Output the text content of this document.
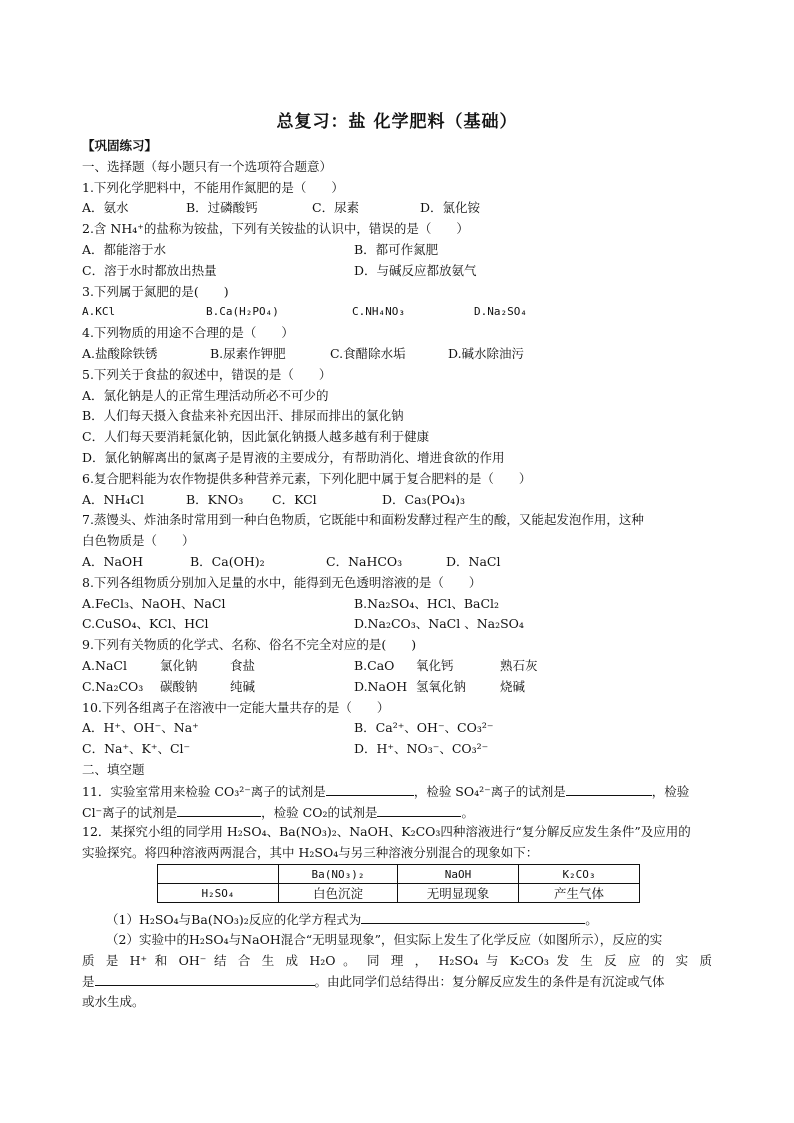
总复习：盐 化学肥料（基础）
【巩固练习】
一、选择题（每小题只有一个选项符合题意）
1.下列化学肥料中，不能用作氮肥的是（　　）
A．氨水	B．过磷酸钙	C．尿素	D．氯化铵
2.含 NH₄⁺的盐称为铵盐，下列有关铵盐的认识中，错误的是（　　）
A．都能溶于水	B．都可作氮肥
C．溶于水时都放出热量	D．与碱反应都放氨气
3.下列属于氮肥的是(　　)
A.KCl	B.Ca(H₂PO₄)	C.NH₄NO₃	D.Na₂SO₄
4.下列物质的用途不合理的是（　　）
A.盐酸除铁锈	B.尿素作钾肥	C.食醋除水垢	D.碱水除油污
5.下列关于食盐的叙述中，错误的是（　　）
A．氯化钠是人的正常生理活动所必不可少的
B．人们每天摄入食盐来补充因出汗、排尿而排出的氯化钠
C．人们每天要消耗氯化钠，因此氯化钠摄人越多越有利于健康
D．氯化钠解离出的氯离子是胃液的主要成分，有帮助消化、增进食欲的作用
6.复合肥料能为农作物提供多种营养元素，下列化肥中属于复合肥料的是（　　）
A．NH₄Cl	B．KNO₃	C．KCl	D．Ca₃(PO₄)₃
7.蒸馒头、炸油条时常用到一种白色物质，它既能中和面粉发酵过程产生的酸，又能起发泡作用，这种
白色物质是（　　）
A．NaOH	B．Ca(OH)₂	C．NaHCO₃	D．NaCl
8.下列各组物质分别加入足量的水中，能得到无色透明溶液的是（　　）
A.FeCl₃、NaOH、NaCl	B.Na₂SO₄、HCl、BaCl₂
C.CuSO₄、KCl、HCl	D.Na₂CO₃、NaCl 、Na₂SO₄
9.下列有关物质的化学式、名称、俗名不完全对应的是(　　)
A.NaCl	氯化钠	食盐	B.CaO	氧化钙	熟石灰
C.Na₂CO₃	碳酸钠	纯碱	D.NaOH 氢氧化钠	烧碱
10.下列各组离子在溶液中一定能大量共存的是（　　）
A．H⁺、OH⁻、Na⁺	B．Ca²⁺、OH⁻、CO₃²⁻
C．Na⁺、K⁺、Cl⁻	D．H⁺、NO₃⁻、CO₃²⁻
二、填空题
11．实验室常用来检验 CO₃²⁻离子的试剂是	，检验 SO₄²⁻离子的试剂是	，检验
Cl⁻离子的试剂是	，检验 CO₂的试剂是	。
12．某探究小组的同学用 H₂SO₄、Ba(NO₃)₂、NaOH、K₂CO₃四种溶液进行“复分解反应发生条件”及应用的
实验探究。将四种溶液两两混合，其中 H₂SO₄与另三种溶液分别混合的现象如下：
	Ba(NO₃)₂	NaOH	K₂CO₃
H₂SO₄	白色沉淀	无明显现象	产生气体
（1）H₂SO₄与Ba(NO₃)₂反应的化学方程式为	。
（2）实验中的H₂SO₄与NaOH混合“无明显现象”，但实际上发生了化学反应（如图所示），反应的实
质 是 H⁺ 和 OH⁻ 结 合 生 成 H₂O 。 同 理 ， H₂SO₄ 与 K₂CO₃ 发 生 反 应 的 实 质
是	。由此同学们总结得出：复分解反应发生的条件是有沉淀或气体
或水生成。
